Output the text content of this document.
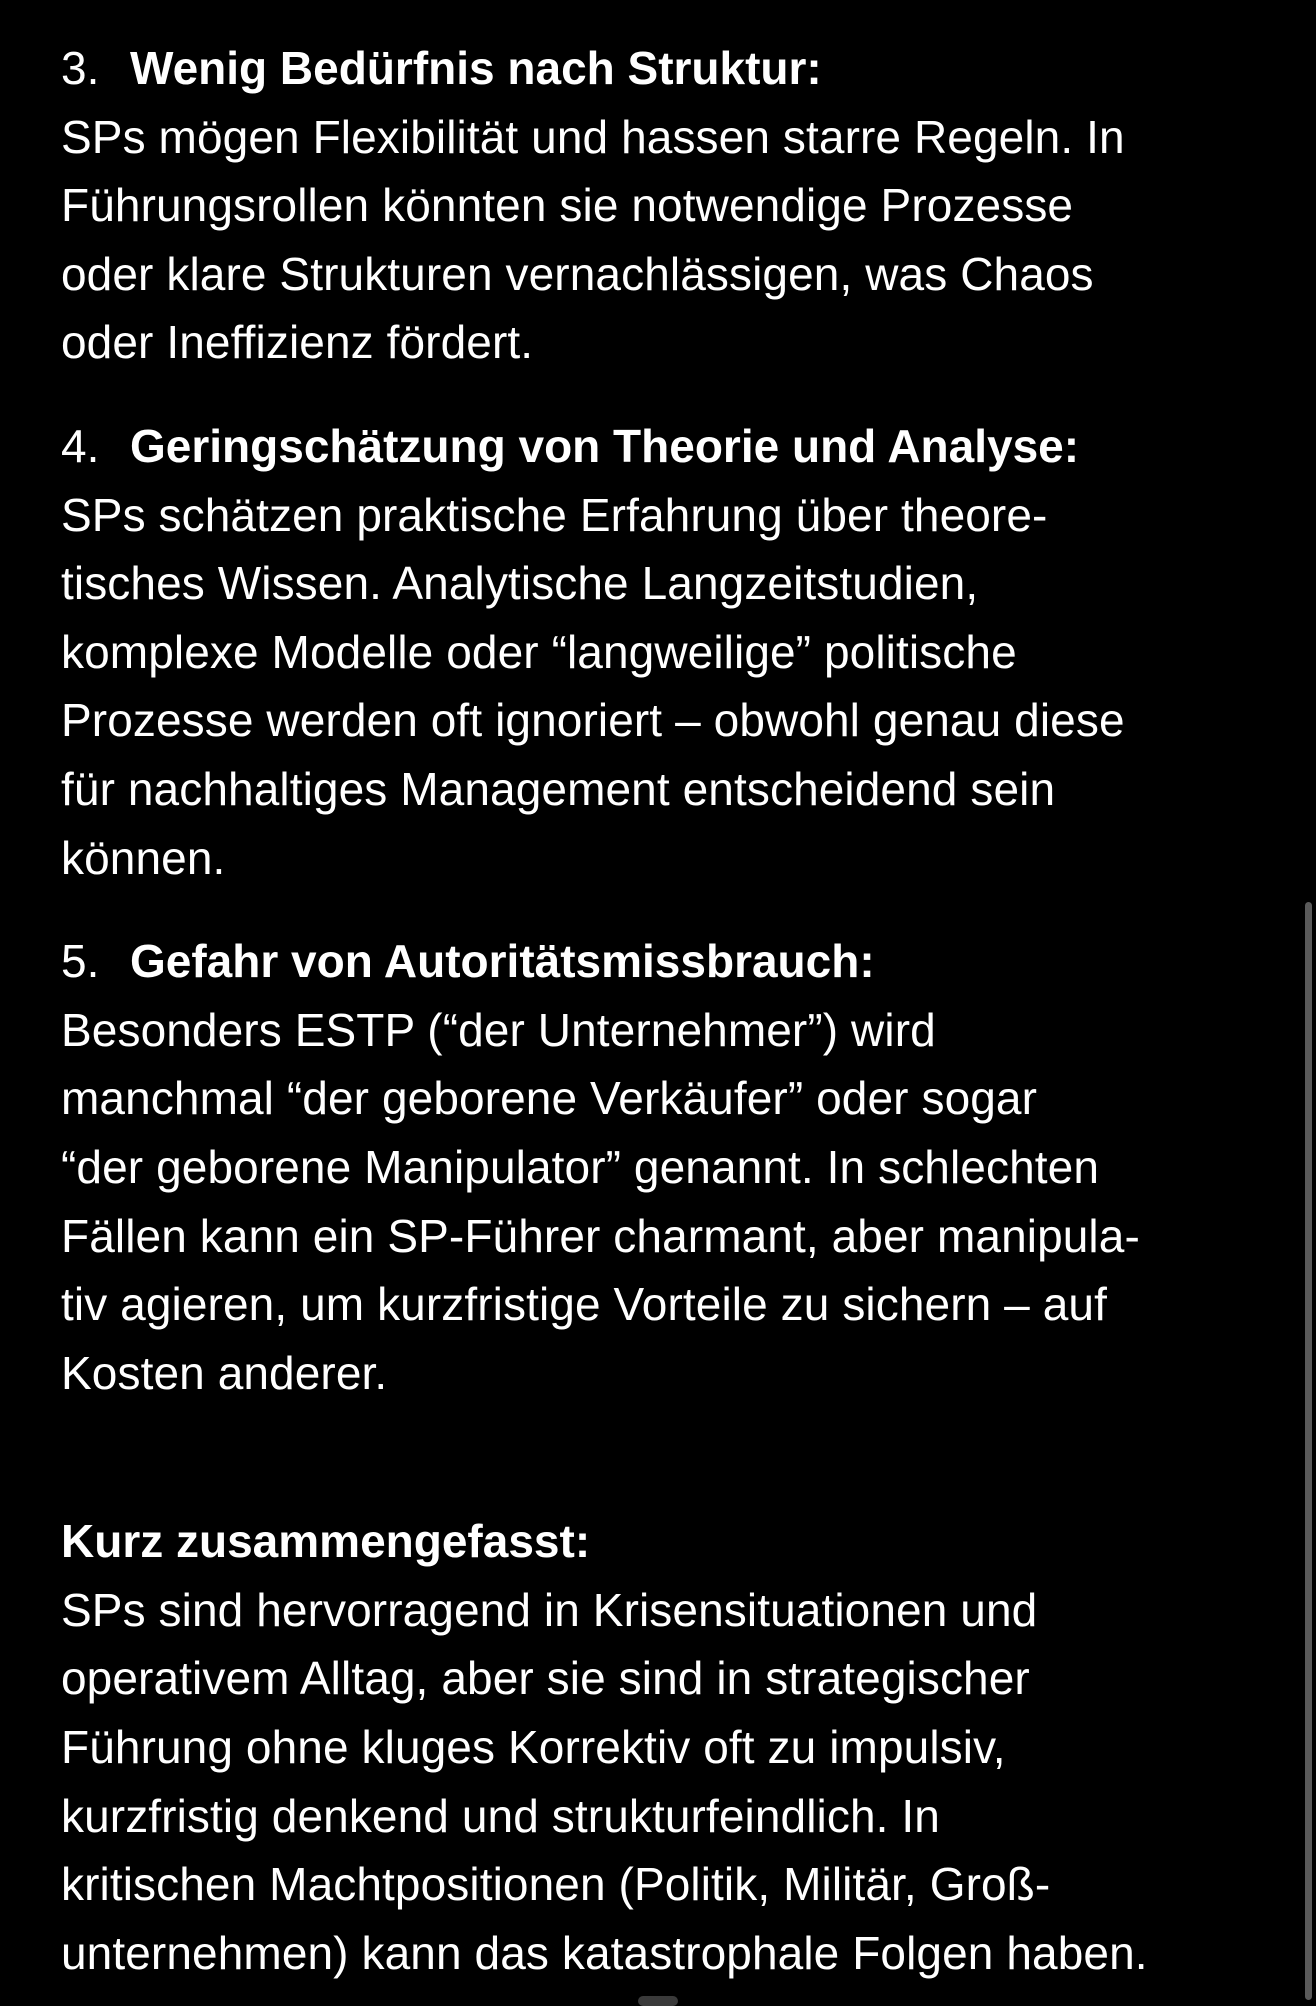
3. Wenig Bedürfnis nach Struktur:
SPs mögen Flexibilität und hassen starre Regeln. In
Führungsrollen könnten sie notwendige Prozesse
oder klare Strukturen vernachlässigen, was Chaos
oder Ineffizienz fördert.
4. Geringschätzung von Theorie und Analyse:
SPs schätzen praktische Erfahrung über theore-
tisches Wissen. Analytische Langzeitstudien,
komplexe Modelle oder “langweilige” politische
Prozesse werden oft ignoriert – obwohl genau diese
für nachhaltiges Management entscheidend sein
können.
5. Gefahr von Autoritätsmissbrauch:
Besonders ESTP (“der Unternehmer”) wird
manchmal “der geborene Verkäufer” oder sogar
“der geborene Manipulator” genannt. In schlechten
Fällen kann ein SP-Führer charmant, aber manipula-
tiv agieren, um kurzfristige Vorteile zu sichern – auf
Kosten anderer.
Kurz zusammengefasst:
SPs sind hervorragend in Krisensituationen und
operativem Alltag, aber sie sind in strategischer
Führung ohne kluges Korrektiv oft zu impulsiv,
kurzfristig denkend und strukturfeindlich. In
kritischen Machtpositionen (Politik, Militär, Groß-
unternehmen) kann das katastrophale Folgen haben.
